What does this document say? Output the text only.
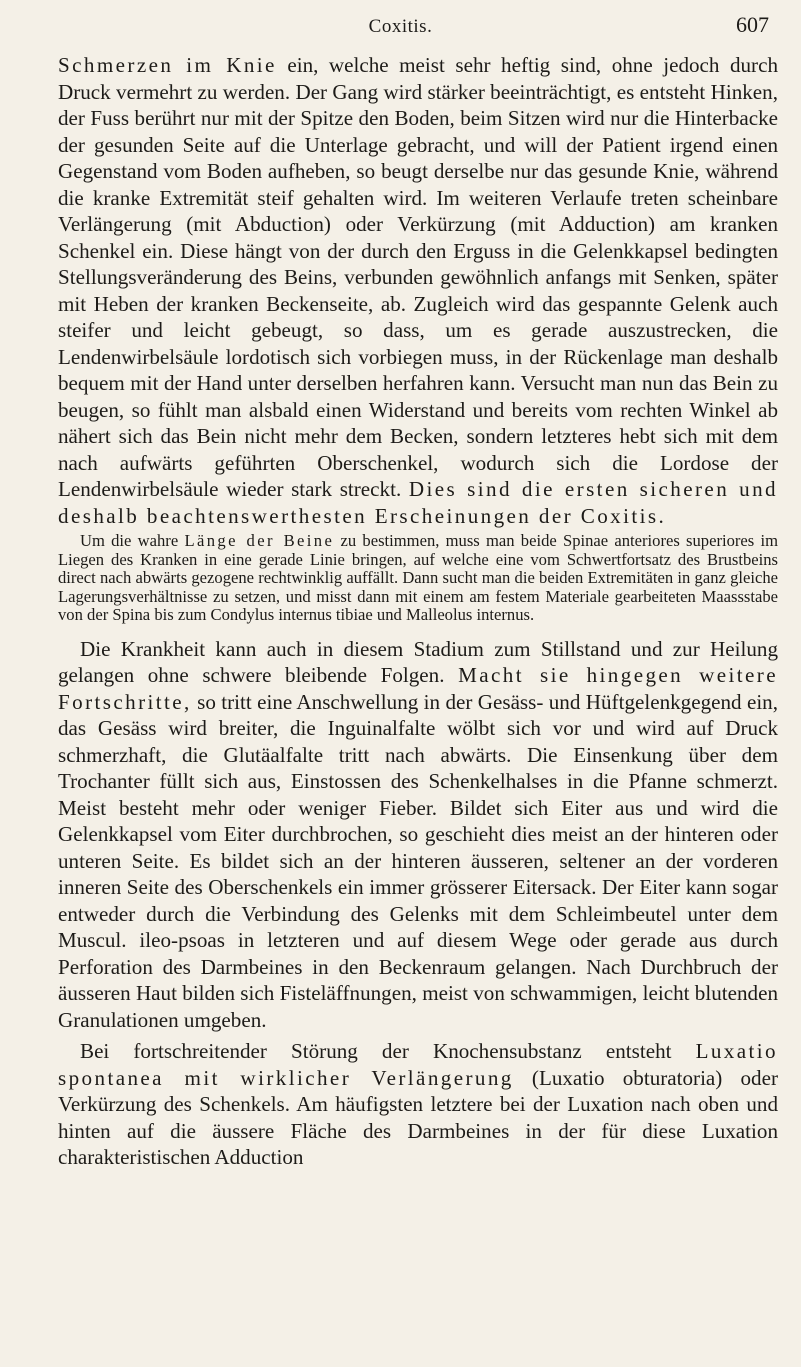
Coxitis.	607

Schmerzen im Knie ein, welche meist sehr heftig sind, ohne jedoch durch Druck vermehrt zu werden. Der Gang wird stärker beeinträchtigt, es entsteht Hinken, der Fuss berührt nur mit der Spitze den Boden, beim Sitzen wird nur die Hinterbacke der gesunden Seite auf die Unterlage gebracht, und will der Patient irgend einen Gegenstand vom Boden aufheben, so beugt derselbe nur das gesunde Knie, während die kranke Extremität steif gehalten wird. Im weiteren Verlaufe treten scheinbare Verlängerung (mit Abduction) oder Verkürzung (mit Adduction) am kranken Schenkel ein. Diese hängt von der durch den Erguss in die Gelenkkapsel bedingten Stellungsveränderung des Beins, verbunden gewöhnlich anfangs mit Senken, später mit Heben der kranken Beckenseite, ab. Zugleich wird das gespannte Gelenk auch steifer und leicht gebeugt, so dass, um es gerade auszustrecken, die Lendenwirbelsäule lordotisch sich vorbiegen muss, in der Rückenlage man deshalb bequem mit der Hand unter derselben herfahren kann. Versucht man nun das Bein zu beugen, so fühlt man alsbald einen Widerstand und bereits vom rechten Winkel ab nähert sich das Bein nicht mehr dem Becken, sondern letzteres hebt sich mit dem nach aufwärts geführten Oberschenkel, wodurch sich die Lordose der Lendenwirbelsäule wieder stark streckt. Dies sind die ersten sicheren und deshalb beachtenswerthesten Erscheinungen der Coxitis.

Um die wahre Länge der Beine zu bestimmen, muss man beide Spinae anteriores superiores im Liegen des Kranken in eine gerade Linie bringen, auf welche eine vom Schwertfortsatz des Brustbeins direct nach abwärts gezogene rechtwinklig auffällt. Dann sucht man die beiden Extremitäten in ganz gleiche Lagerungsverhältnisse zu setzen, und misst dann mit einem am festem Materiale gearbeiteten Maassstabe von der Spina bis zum Condylus internus tibiae und Malleolus internus.

Die Krankheit kann auch in diesem Stadium zum Stillstand und zur Heilung gelangen ohne schwere bleibende Folgen. Macht sie hingegen weitere Fortschritte, so tritt eine Anschwellung in der Gesäss- und Hüftgelenkgegend ein, das Gesäss wird breiter, die Inguinalfalte wölbt sich vor und wird auf Druck schmerzhaft, die Glutäalfalte tritt nach abwärts. Die Einsenkung über dem Trochanter füllt sich aus, Einstossen des Schenkelhalses in die Pfanne schmerzt. Meist besteht mehr oder weniger Fieber. Bildet sich Eiter aus und wird die Gelenkkapsel vom Eiter durchbrochen, so geschieht dies meist an der hinteren oder unteren Seite. Es bildet sich an der hinteren äusseren, seltener an der vorderen inneren Seite des Oberschenkels ein immer grösserer Eitersack. Der Eiter kann sogar entweder durch die Verbindung des Gelenks mit dem Schleimbeutel unter dem Muscul. ileo-psoas in letzteren und auf diesem Wege oder gerade aus durch Perforation des Darmbeines in den Beckenraum gelangen. Nach Durchbruch der äusseren Haut bilden sich Fisteläffnungen, meist von schwammigen, leicht blutenden Granulationen umgeben.

Bei fortschreitender Störung der Knochensubstanz entsteht Luxatio spontanea mit wirklicher Verlängerung (Luxatio obturatoria) oder Verkürzung des Schenkels. Am häufigsten letztere bei der Luxation nach oben und hinten auf die äussere Fläche des Darmbeines in der für diese Luxation charakteristischen Adduction
